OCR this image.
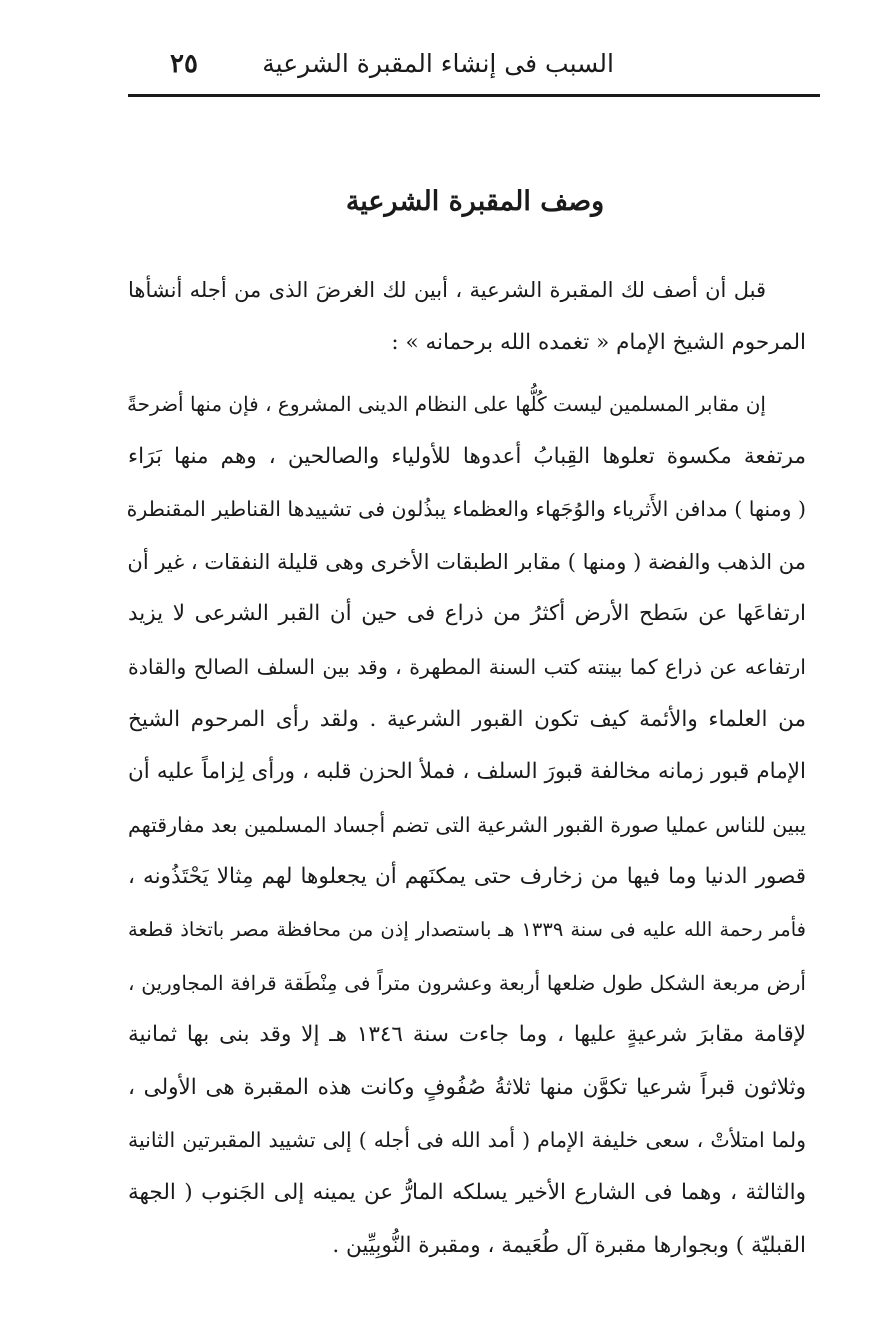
السبب فى إنشاء المقبرة الشرعية
٢٥
وصف المقبرة الشرعية
قبل أن أصف لك المقبرة الشرعية ، أبين لك الغرضَ الذى من أجله أنشأها
المرحوم الشيخ الإمام « تغمده الله برحمانه » :
إن مقابر المسلمين ليست كُلُّها على النظام الدينى المشروع ، فإن منها أضرحةً
مرتفعة مكسوة تعلوها القِبابُ أعدوها للأولياء والصالحين ، وهم منها بَرَاء
( ومنها ) مدافن الأَثرياء والوُجَهاء والعظماء يبذُلون فى تشييدها القناطير المقنطرة
من الذهب والفضة ( ومنها ) مقابر الطبقات الأخرى وهى قليلة النفقات ، غير أن
ارتفاعَها عن سَطح الأرض أكثرُ من ذراع فى حين أن القبر الشرعى لا يزيد
ارتفاعه عن ذراع كما بينته كتب السنة المطهرة ، وقد بين السلف الصالح والقادة
من العلماء والأئمة كيف تكون القبور الشرعية . ولقد رأى المرحوم الشيخ
الإمام قبور زمانه مخالفة قبورَ السلف ، فملأ الحزن قلبه ، ورأى لِزاماً عليه أن
يبين للناس عمليا صورة القبور الشرعية التى تضم أجساد المسلمين بعد مفارقتهم
قصور الدنيا وما فيها من زخارف حتى يمكنَهم أن يجعلوها لهم مِثالا يَحْتَذُونه ،
فأمر رحمة الله عليه فى سنة ١٣٣٩ هـ باستصدار إذن من محافظة مصر باتخاذ قطعة
أرض مربعة الشكل طول ضلعها أربعة وعشرون متراً فى مِنْطَقة قرافة المجاورين ،
لإقامة مقابرَ شرعيةٍ عليها ، وما جاءت سنة ١٣٤٦ هـ إلا وقد بنى بها ثمانية
وثلاثون قبراً شرعيا تكوَّن منها ثلاثةُ صُفُوفٍ وكانت هذه المقبرة هى الأولى ،
ولما امتلأتْ ، سعى خليفة الإمام ( أمد الله فى أجله ) إلى تشييد المقبرتين الثانية
والثالثة ، وهما فى الشارع الأخير يسلكه المارُّ عن يمينه إلى الجَنوب ( الجهة
القبليّة ) وبجوارها مقبرة آل طُعَيمة ، ومقبرة النُّوبِيِّين .
